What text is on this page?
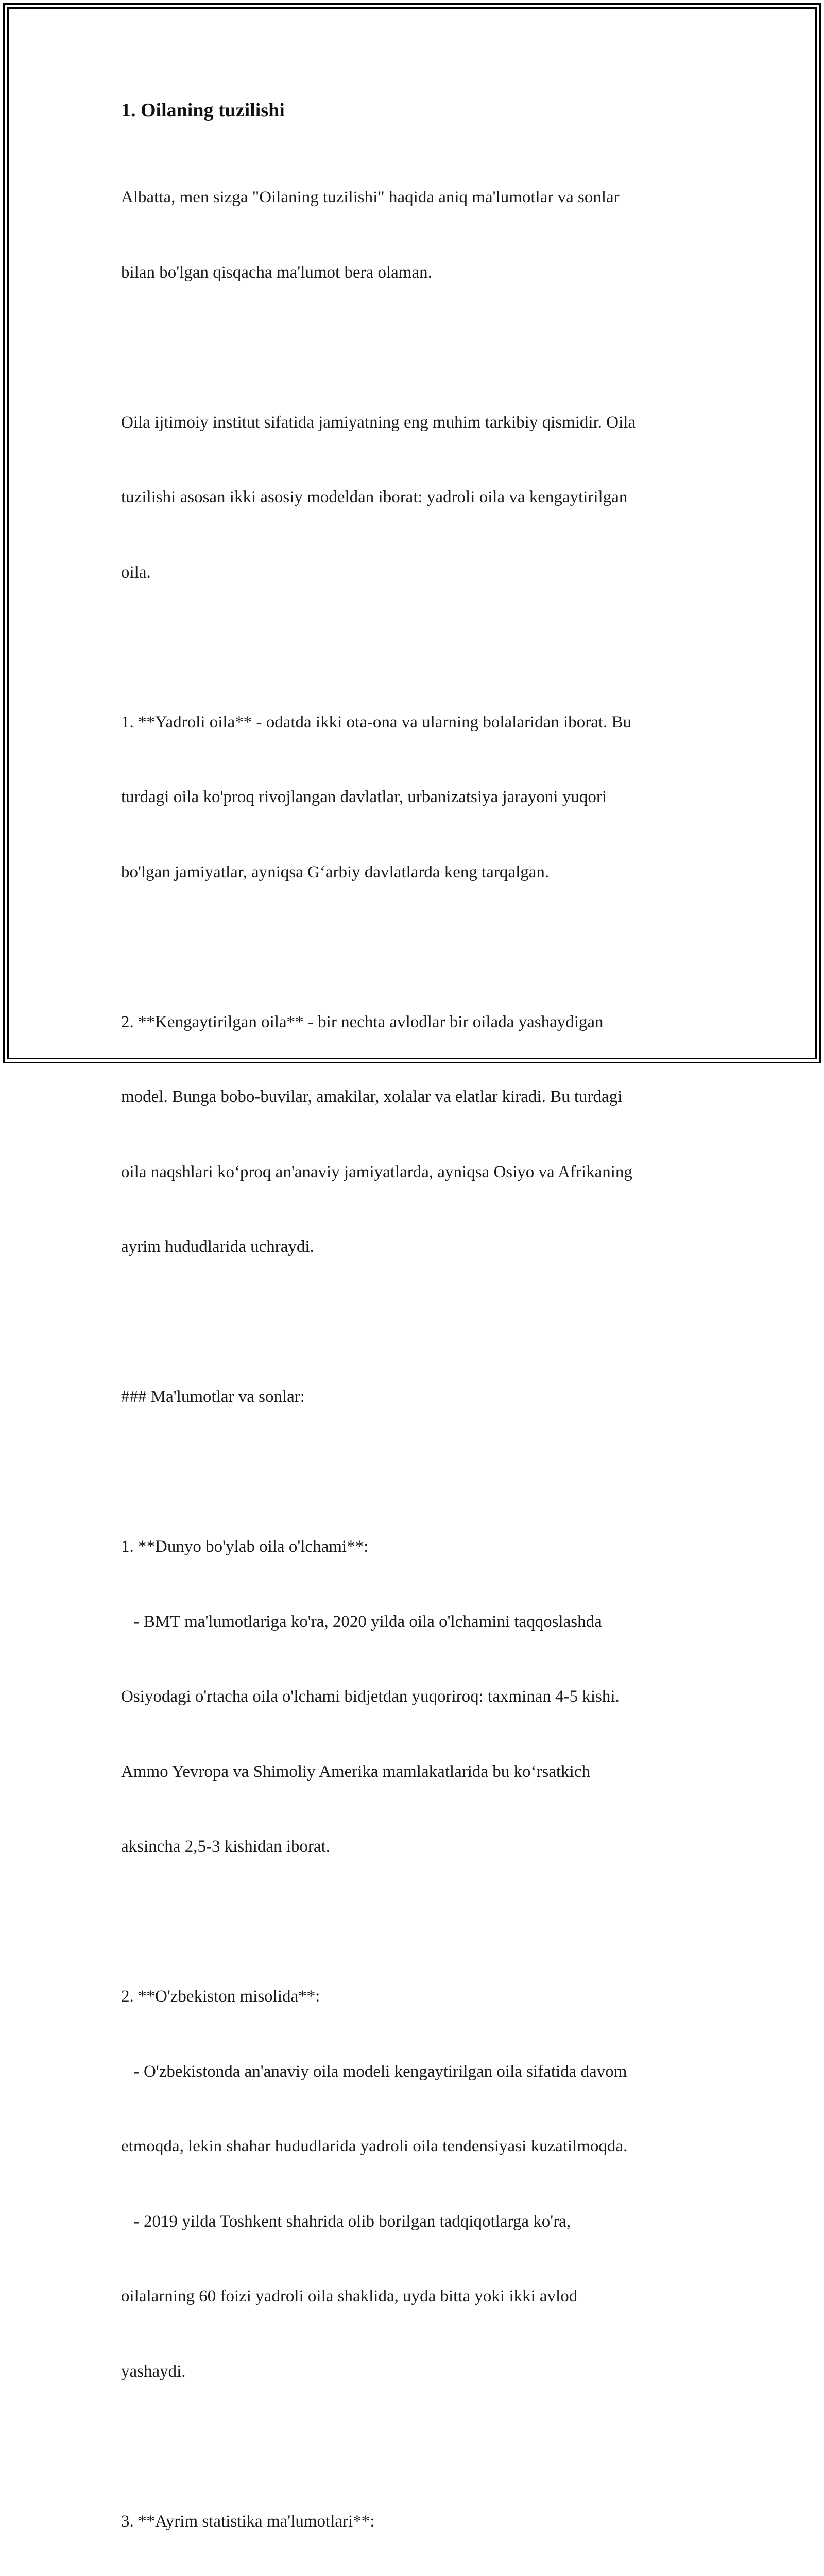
1. Oilaning tuzilishi

Albatta, men sizga "Oilaning tuzilishi" haqida aniq ma'lumotlar va sonlar

bilan bo'lgan qisqacha ma'lumot bera olaman.

Oila ijtimoiy institut sifatida jamiyatning eng muhim tarkibiy qismidir. Oila

tuzilishi asosan ikki asosiy modeldan iborat: yadroli oila va kengaytirilgan

oila.

1. **Yadroli oila** - odatda ikki ota-ona va ularning bolalaridan iborat. Bu

turdagi oila ko'proq rivojlangan davlatlar, urbanizatsiya jarayoni yuqori

bo'lgan jamiyatlar, ayniqsa G‘arbiy davlatlarda keng tarqalgan.

2. **Kengaytirilgan oila** - bir nechta avlodlar bir oilada yashaydigan

model. Bunga bobo-buvilar, amakilar, xolalar va elatlar kiradi. Bu turdagi

oila naqshlari ko‘proq an'anaviy jamiyatlarda, ayniqsa Osiyo va Afrikaning

ayrim hududlarida uchraydi.

### Ma'lumotlar va sonlar:

1. **Dunyo bo'ylab oila o'lchami**:

- BMT ma'lumotlariga ko'ra, 2020 yilda oila o'lchamini taqqoslashda

Osiyodagi o'rtacha oila o'lchami bidjetdan yuqoriroq: taxminan 4-5 kishi.

Ammo Yevropa va Shimoliy Amerika mamlakatlarida bu ko‘rsatkich

aksincha 2,5-3 kishidan iborat.

2. **O'zbekiston misolida**:

- O'zbekistonda an'anaviy oila modeli kengaytirilgan oila sifatida davom

etmoqda, lekin shahar hududlarida yadroli oila tendensiyasi kuzatilmoqda.

- 2019 yilda Toshkent shahrida olib borilgan tadqiqotlarga ko'ra,

oilalarning 60 foizi yadroli oila shaklida, uyda bitta yoki ikki avlod

yashaydi.

3. **Ayrim statistika ma'lumotlari**:
